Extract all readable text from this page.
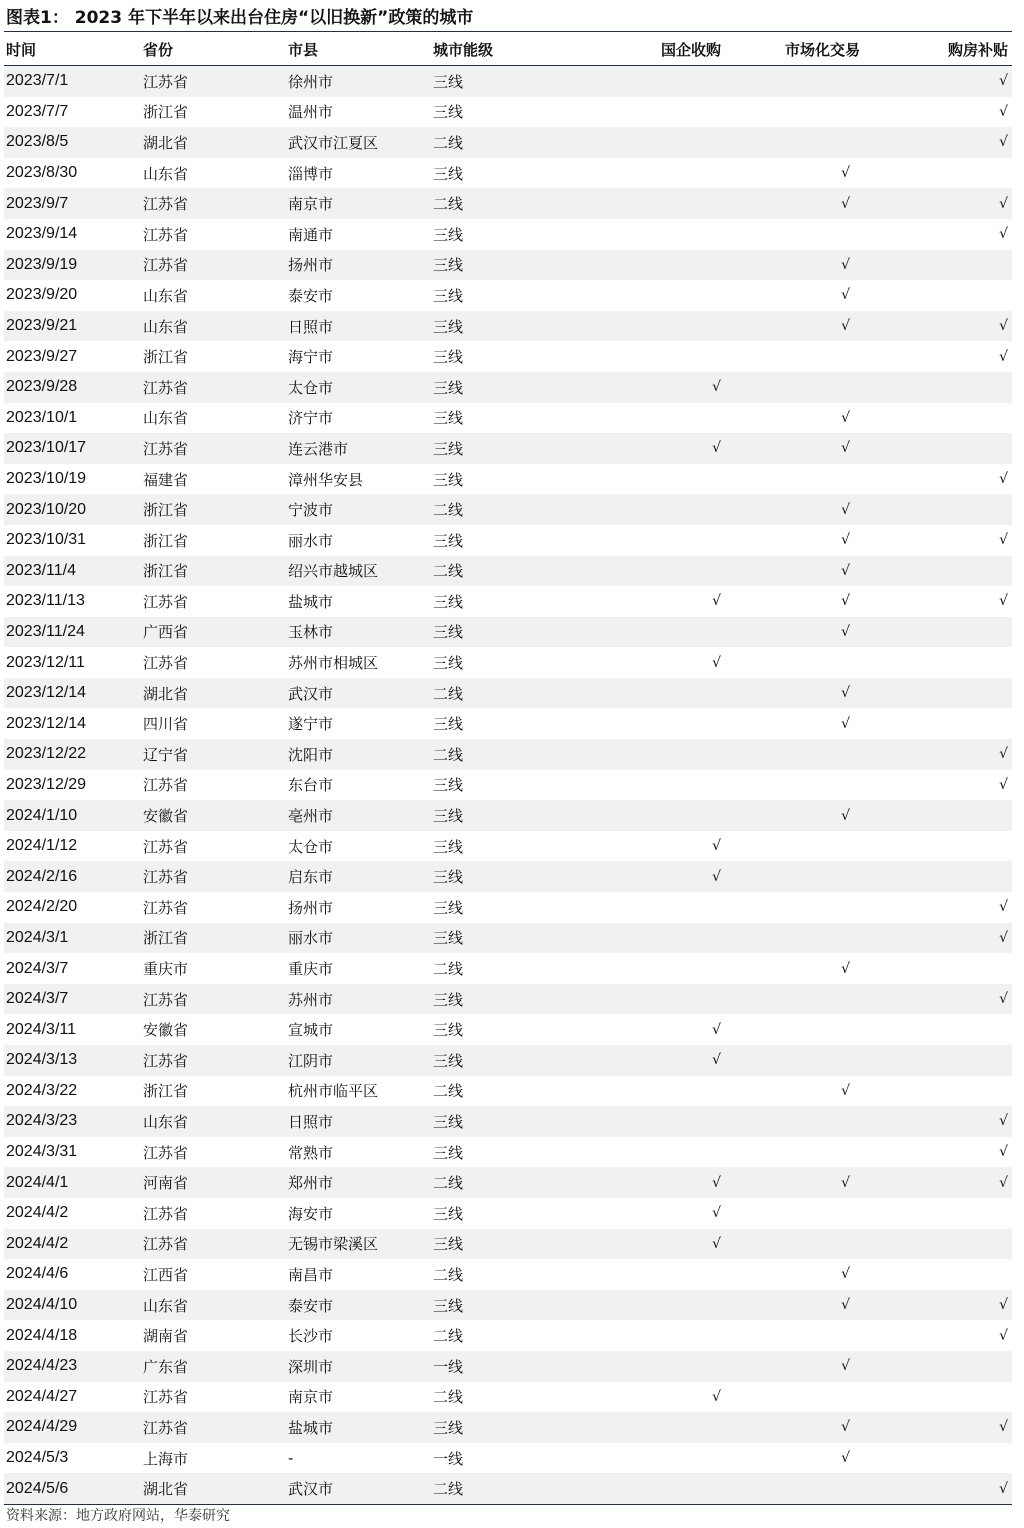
图表1： 2023 年下半年以来出台住房“以旧换新”政策的城市
时间	省份	市县	城市能级	国企收购	市场化交易	购房补贴
2023/7/1	江苏省	徐州市	三线			√
2023/7/7	浙江省	温州市	三线			√
2023/8/5	湖北省	武汉市江夏区	二线			√
2023/8/30	山东省	淄博市	三线		√	
2023/9/7	江苏省	南京市	二线		√	√
2023/9/14	江苏省	南通市	三线			√
2023/9/19	江苏省	扬州市	三线		√	
2023/9/20	山东省	泰安市	三线		√	
2023/9/21	山东省	日照市	三线		√	√
2023/9/27	浙江省	海宁市	三线			√
2023/9/28	江苏省	太仓市	三线	√		
2023/10/1	山东省	济宁市	三线		√	
2023/10/17	江苏省	连云港市	三线	√	√	
2023/10/19	福建省	漳州华安县	三线			√
2023/10/20	浙江省	宁波市	二线		√	
2023/10/31	浙江省	丽水市	三线		√	√
2023/11/4	浙江省	绍兴市越城区	二线		√	
2023/11/13	江苏省	盐城市	三线	√	√	√
2023/11/24	广西省	玉林市	三线		√	
2023/12/11	江苏省	苏州市相城区	三线	√		
2023/12/14	湖北省	武汉市	二线		√	
2023/12/14	四川省	遂宁市	三线		√	
2023/12/22	辽宁省	沈阳市	二线			√
2023/12/29	江苏省	东台市	三线			√
2024/1/10	安徽省	亳州市	三线		√	
2024/1/12	江苏省	太仓市	三线	√		
2024/2/16	江苏省	启东市	三线	√		
2024/2/20	江苏省	扬州市	三线			√
2024/3/1	浙江省	丽水市	三线			√
2024/3/7	重庆市	重庆市	二线		√	
2024/3/7	江苏省	苏州市	三线			√
2024/3/11	安徽省	宣城市	三线	√		
2024/3/13	江苏省	江阴市	三线	√		
2024/3/22	浙江省	杭州市临平区	二线		√	
2024/3/23	山东省	日照市	三线			√
2024/3/31	江苏省	常熟市	三线			√
2024/4/1	河南省	郑州市	二线	√	√	√
2024/4/2	江苏省	海安市	三线	√		
2024/4/2	江苏省	无锡市梁溪区	三线	√		
2024/4/6	江西省	南昌市	二线		√	
2024/4/10	山东省	泰安市	三线		√	√
2024/4/18	湖南省	长沙市	二线			√
2024/4/23	广东省	深圳市	一线		√	
2024/4/27	江苏省	南京市	二线	√		
2024/4/29	江苏省	盐城市	三线		√	√
2024/5/3	上海市	-	一线		√	
2024/5/6	湖北省	武汉市	二线			√
资料来源：地方政府网站，华泰研究
